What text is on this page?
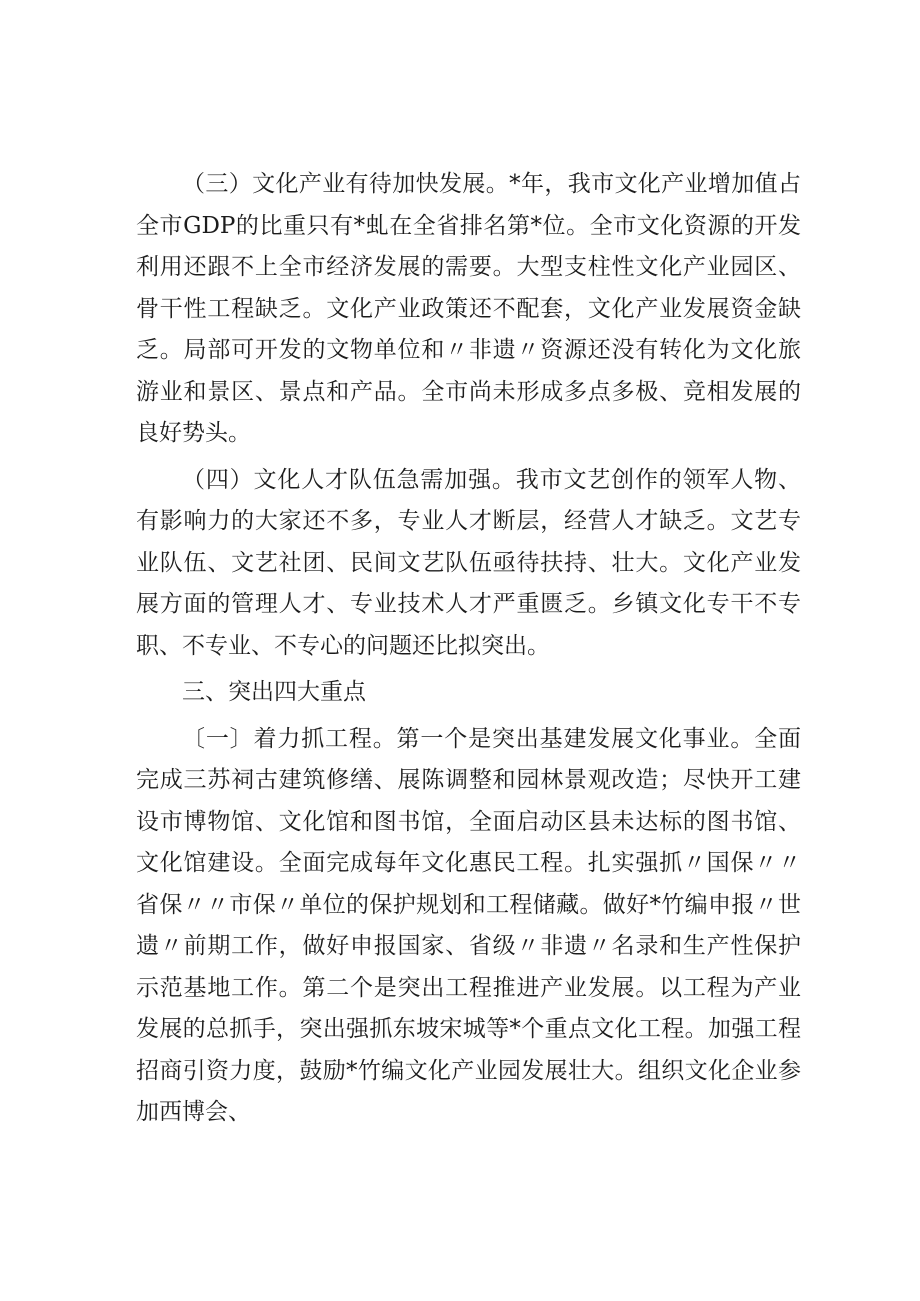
（三）文化产业有待加快发展。*年，我市文化产业增加值占全市GDP的比重只有*虬在全省排名第*位。全市文化资源的开发利用还跟不上全市经济发展的需要。大型支柱性文化产业园区、骨干性工程缺乏。文化产业政策还不配套，文化产业发展资金缺乏。局部可开发的文物单位和〃非遗〃资源还没有转化为文化旅游业和景区、景点和产品。全市尚未形成多点多极、竞相发展的良好势头。

（四）文化人才队伍急需加强。我市文艺创作的领军人物、有影响力的大家还不多，专业人才断层，经营人才缺乏。文艺专业队伍、文艺社团、民间文艺队伍亟待扶持、壮大。文化产业发展方面的管理人才、专业技术人才严重匮乏。乡镇文化专干不专职、不专业、不专心的问题还比拟突出。

三、突出四大重点

〔一〕着力抓工程。第一个是突出基建发展文化事业。全面完成三苏祠古建筑修缮、展陈调整和园林景观改造；尽快开工建设市博物馆、文化馆和图书馆，全面启动区县未达标的图书馆、文化馆建设。全面完成每年文化惠民工程。扎实强抓〃国保〃〃省保〃〃市保〃单位的保护规划和工程储藏。做好*竹编申报〃世遗〃前期工作，做好申报国家、省级〃非遗〃名录和生产性保护示范基地工作。第二个是突出工程推进产业发展。以工程为产业发展的总抓手，突出强抓东坡宋城等*个重点文化工程。加强工程招商引资力度，鼓励*竹编文化产业园发展壮大。组织文化企业参加西博会、
